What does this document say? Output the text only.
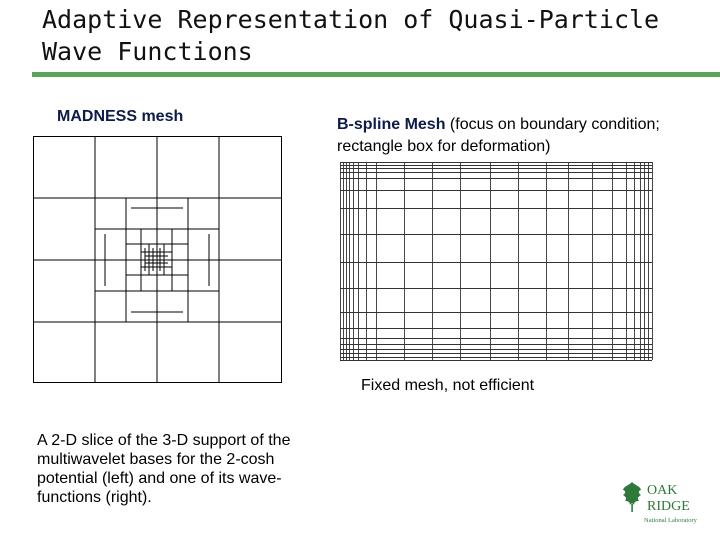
Adaptive Representation of Quasi-Particle Wave Functions
MADNESS mesh	B-spline Mesh (focus on boundary condition; rectangle box for deformation)
Fixed mesh, not efficient
A 2-D slice of the 3-D support of the multiwavelet bases for the 2-cosh potential (left) and one of its wave-functions (right).	OAK
RIDGE
National Laboratory
